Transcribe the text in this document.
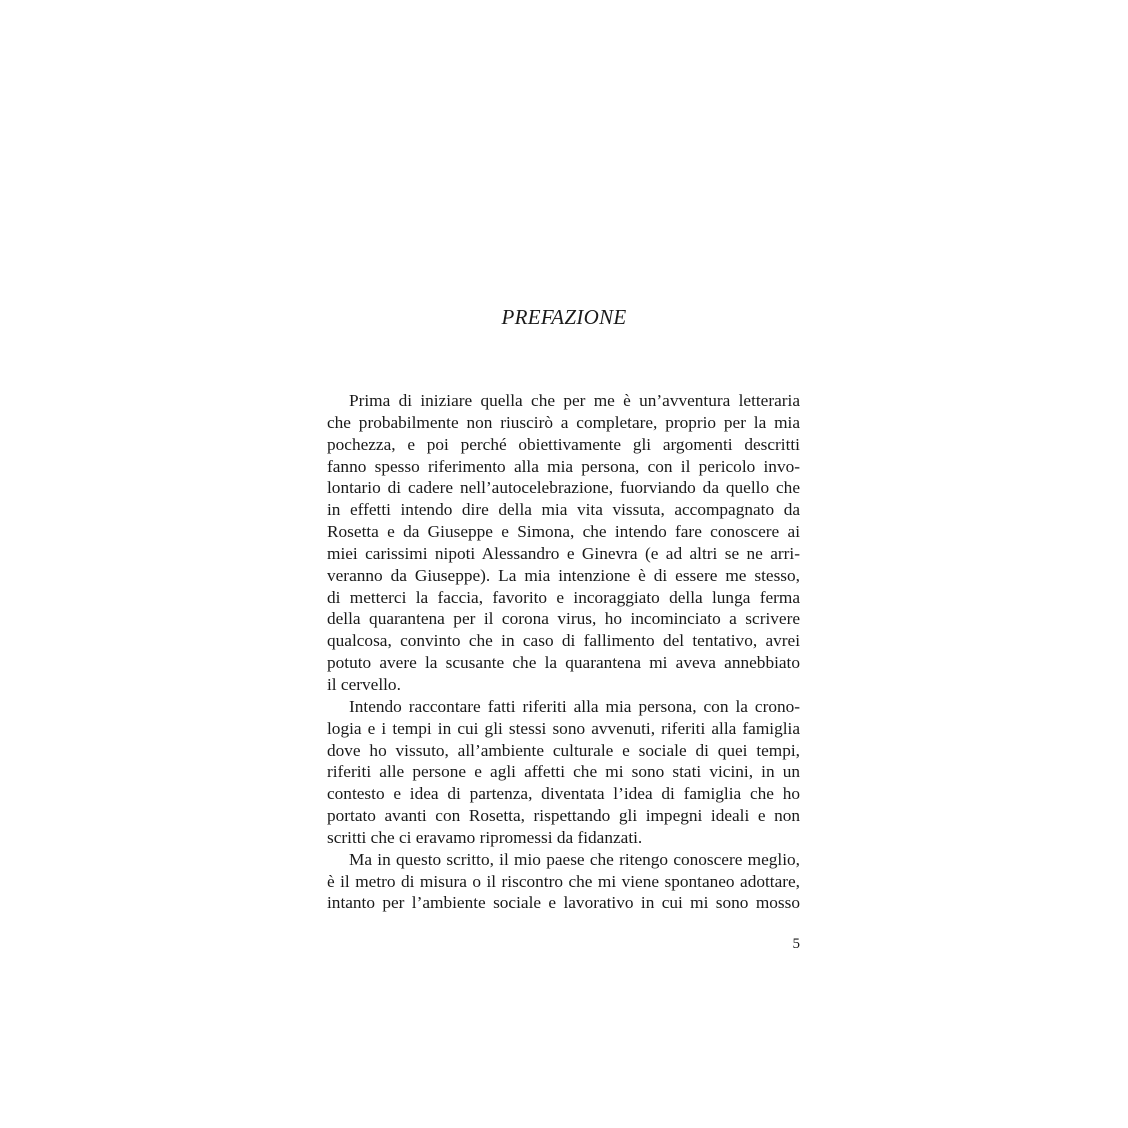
PREFAZIONE
Prima di iniziare quella che per me è un’avventura letteraria
che probabilmente non riuscirò a completare, proprio per la mia
pochezza, e poi perché obiettivamente gli argomenti descritti
fanno spesso riferimento alla mia persona, con il pericolo invo-
lontario di cadere nell’autocelebrazione, fuorviando da quello che
in effetti intendo dire della mia vita vissuta, accompagnato da
Rosetta e da Giuseppe e Simona, che intendo fare conoscere ai
miei carissimi nipoti Alessandro e Ginevra (e ad altri se ne arri-
veranno da Giuseppe). La mia intenzione è di essere me stesso,
di metterci la faccia, favorito e incoraggiato della lunga ferma
della quarantena per il corona virus, ho incominciato a scrivere
qualcosa, convinto che in caso di fallimento del tentativo, avrei
potuto avere la scusante che la quarantena mi aveva annebbiato
il cervello.
Intendo raccontare fatti riferiti alla mia persona, con la crono-
logia e i tempi in cui gli stessi sono avvenuti, riferiti alla famiglia
dove ho vissuto, all’ambiente culturale e sociale di quei tempi,
riferiti alle persone e agli affetti che mi sono stati vicini, in un
contesto e idea di partenza, diventata l’idea di famiglia che ho
portato avanti con Rosetta, rispettando gli impegni ideali e non
scritti che ci eravamo ripromessi da fidanzati.
Ma in questo scritto, il mio paese che ritengo conoscere meglio,
è il metro di misura o il riscontro che mi viene spontaneo adottare,
intanto per l’ambiente sociale e lavorativo in cui mi sono mosso
5
